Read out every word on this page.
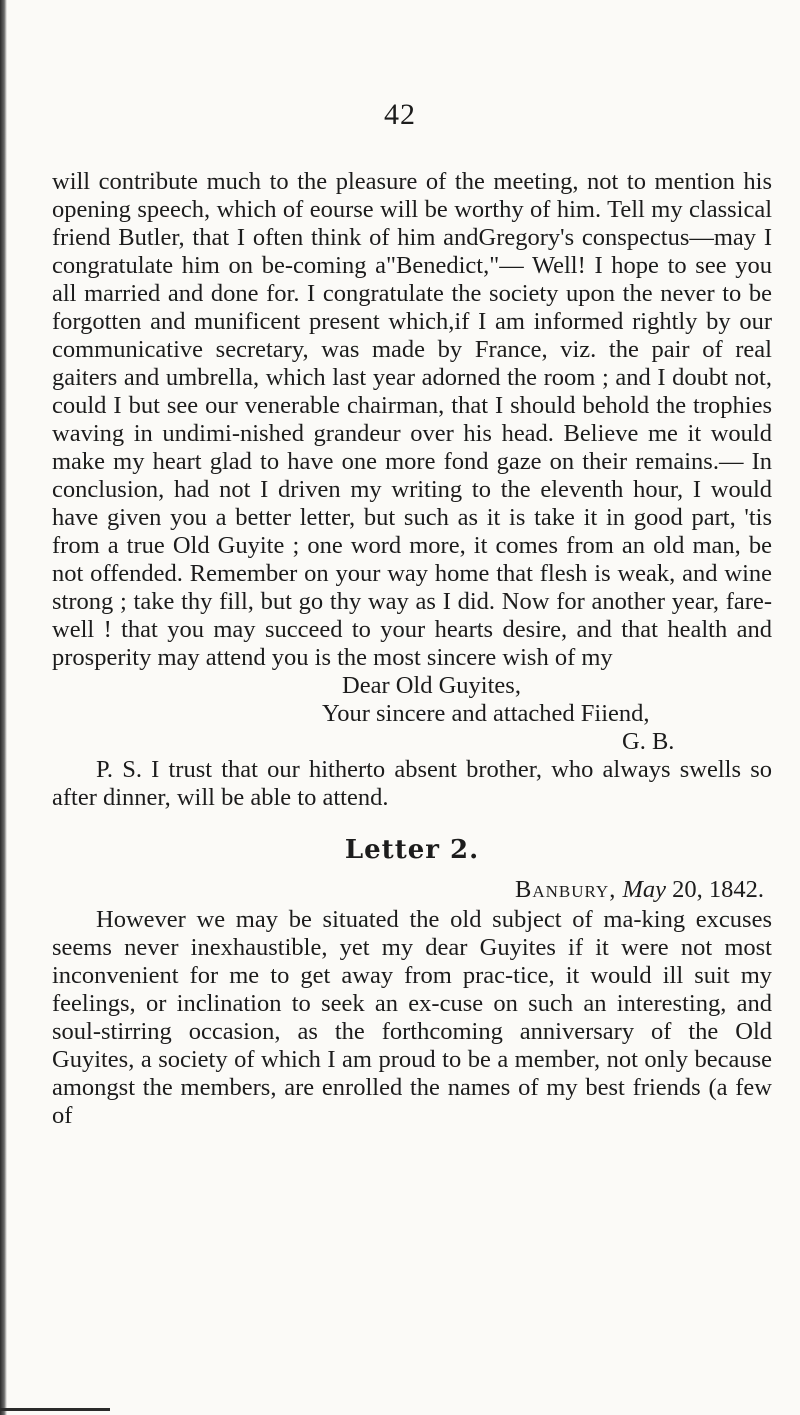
42

will contribute much to the pleasure of the meeting, not to mention his opening speech, which of eourse will be worthy of him. Tell my classical friend Butler, that I often think of him andGregory's conspectus—may I congratulate him on be-coming a"Benedict,"— Well! I hope to see you all married and done for. I congratulate the society upon the never to be forgotten and munificent present which,if I am informed rightly by our communicative secretary, was made by France, viz. the pair of real gaiters and umbrella, which last year adorned the room ; and I doubt not, could I but see our venerable chairman, that I should behold the trophies waving in undimi-nished grandeur over his head. Believe me it would make my heart glad to have one more fond gaze on their remains.— In conclusion, had not I driven my writing to the eleventh hour, I would have given you a better letter, but such as it is take it in good part, 'tis from a true Old Guyite ; one word more, it comes from an old man, be not offended. Remember on your way home that flesh is weak, and wine strong ; take thy fill, but go thy way as I did. Now for another year, fare-well ! that you may succeed to your hearts desire, and that health and prosperity may attend you is the most sincere wish of my

Dear Old Guyites,

Your sincere and attached Fiiend,

G. B.

P. S. I trust that our hitherto absent brother, who always swells so after dinner, will be able to attend.

Letter 2.

Banbury, May 20, 1842.

However we may be situated the old subject of ma-king excuses seems never inexhaustible, yet my dear Guyites if it were not most inconvenient for me to get away from prac-tice, it would ill suit my feelings, or inclination to seek an ex-cuse on such an interesting, and soul-stirring occasion, as the forthcoming anniversary of the Old Guyites, a society of which I am proud to be a member, not only because amongst the members, are enrolled the names of my best friends (a few of
